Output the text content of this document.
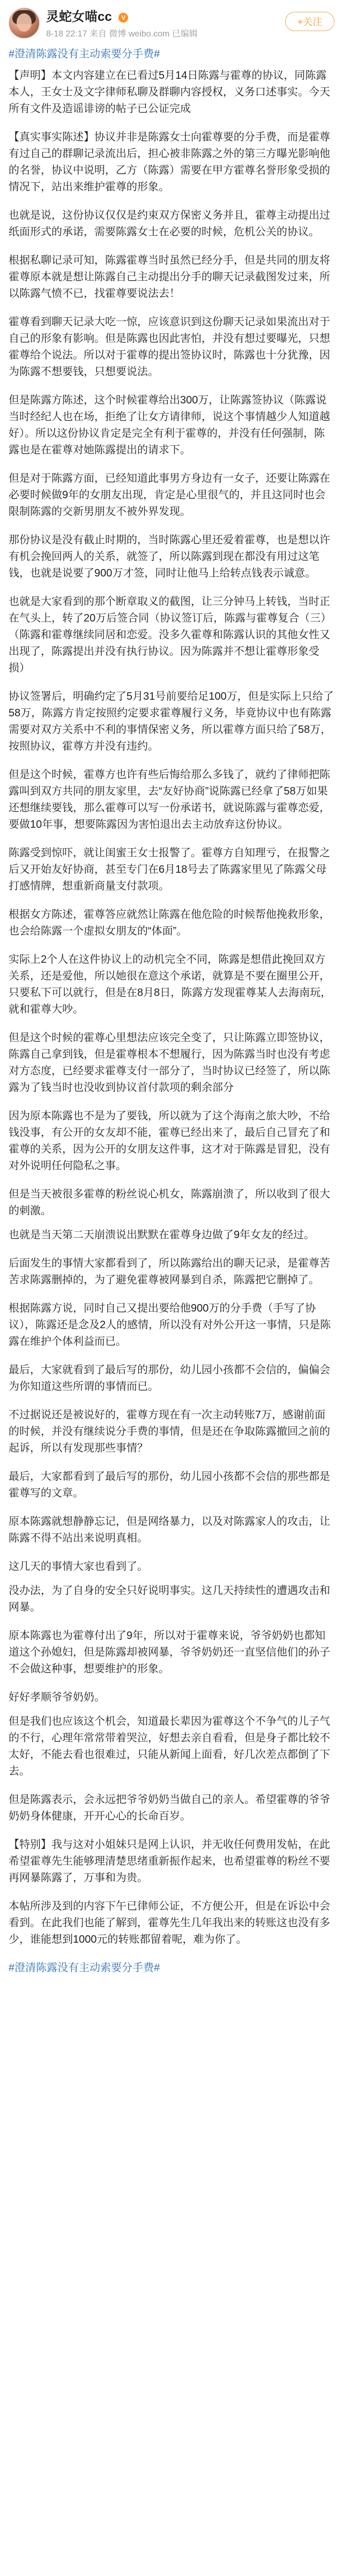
灵蛇女喵cc V
8-18 22:17 来自 微博 weibo.com 已编辑
+关注
#澄清陈露没有主动索要分手费#
【声明】本文内容建立在已看过5月14日陈露与霍尊的协议，同陈露本人，王女士及文字律师私聊及群聊内容授权，义务口述事实。今天所有文件及造谣诽谤的帖子已公证完成
【真实事实陈述】协议并非是陈露女士向霍尊要的分手费，而是霍尊有过自己的群聊记录流出后，担心被非陈露之外的第三方曝光影响他的名誉，协议中说明，乙方（陈露）需要在甲方霍尊名誉形象受损的情况下，站出来维护霍尊的形象。
也就是说，这份协议仅仅是约束双方保密义务并且，霍尊主动提出过纸面形式的承诺，需要陈露女士在必要的时候，危机公关的协议。
根据私聊记录可知，陈露霍尊当时虽然已经分手，但是共同的朋友将霍尊原本就是想让陈露自己主动提出分手的聊天记录截图发过来，所以陈露气愤不已，找霍尊要说法去！
霍尊看到聊天记录大吃一惊，应该意识到这份聊天记录如果流出对于自己的形象有影响。但是陈露也因此害怕，并没有想过要曝光，只想霍尊给个说法。所以对于霍尊的提出签协议时，陈露也十分犹豫，因为陈露不想要钱，只想要说法。
但是陈露方陈述，这个时候霍尊给出300万，让陈露签协议（陈露说当时经纪人也在场，拒绝了让女方请律师，说这个事情越少人知道越好）。所以这份协议肯定是完全有利于霍尊的，并没有任何强制，陈露也是在霍尊对她陈露提出的请求下。
但是对于陈露方面，已经知道此事男方身边有一女子，还要让陈露在必要时候做9年的女朋友出现，肯定是心里很气的，并且这同时也会限制陈露的交新男朋友不被外界发现。
那份协议是没有截止时期的，当时陈露心里还爱着霍尊，也是想以许有机会挽回两人的关系，就签了，所以陈露到现在都没有用过这笔钱，也就是说要了900万才签，同时让他马上给转点钱表示诚意。
也就是大家看到的那个断章取义的截图，让三分钟马上转钱，当时正在气头上，转了20万后签合同（协议签订后，陈露与霍尊复合（三）（陈露和霍尊继续同居和恋爱。没多久霍尊和陈露认识的其他女性又出现了，陈露提出并没有执行协议。因为陈露并不想让霍尊形象受损）
协议签署后，明确约定了5月31号前要给足100万，但是实际上只给了58万，陈露方肯定按照约定要求霍尊履行义务，毕竟协议中也有陈露需要对双方关系中不利的事情保密义务，所以霍尊方面只给了58万，按照协议，霍尊方并没有违约。
但是这个时候，霍尊方也许有些后悔给那么多钱了，就约了律师把陈露叫到双方共同的朋友家里，去“友好协商”说陈露已经拿了58万如果还想继续要钱，那么霍尊可以写一份承诺书，就说陈露与霍尊恋爱，要做10年事，想要陈露因为害怕退出去主动放弃这份协议。
陈露受到惊吓，就让闺蜜王女士报警了。霍尊方自知理亏，在报警之后又开始友好协商，甚至专门在6月18号去了陈露家里见了陈露父母打感情牌，想重新商量支付款项。
根据女方陈述，霍尊答应就然让陈露在他危险的时候帮他挽救形象，也会给陈露一个虚拟女朋友的“体面”。
实际上2个人在这件协议上的动机完全不同，陈露是想借此挽回双方关系，还是爱他，所以她很在意这个承诺，就算是不要在圈里公开，只要私下可以就行，但是在8月8日，陈露方发现霍尊某人去海南玩，就和霍尊大吵。
但是这个时候的霍尊心里想法应该完全变了，只让陈露立即签协议，陈露自己拿到钱，但是霍尊根本不想履行，因为陈露当时也没有考虑对方态度，已经要求霍尊支付一部分了，当时协议已经签了，所以陈露为了钱当时也没收到协议首付款项的剩余部分
因为原本陈露也不是为了要钱，所以就为了这个海南之旅大吵，不给钱没事，有公开的女友却不能，霍尊已经出来了，最后自己冒充了和霍尊的关系，因为公开的女朋友这件事，这才对于陈露是冒犯，没有对外说明任何隐私之事。
但是当天被很多霍尊的粉丝说心机女，陈露崩溃了，所以收到了很大的刺激。
也就是当天第二天崩溃说出默默在霍尊身边做了9年女友的经过。
后面发生的事情大家都看到了，所以陈露给出的聊天记录，是霍尊苦苦求陈露删掉的，为了避免霍尊被网暴到自杀，陈露把它删掉了。
根据陈露方说，同时自己又提出要给他900万的分手费（手写了协议），陈露还是念及2人的感情，所以没有对外公开这一事情，只是陈露在维护个体利益而已。
最后，大家就看到了最后写的那份，幼儿园小孩都不会信的，偏偏会为你知道这些所谓的事情而已。
不过据说还是被说好的，霍尊方现在有一次主动转账7万，感谢前面的时候，并没有继续说分手费的事情，但是还在争取陈露撤回之前的起诉，所以有发现那些事情？
最后，大家都看到了最后写的那份，幼儿园小孩都不会信的那些都是霍尊写的文章。
原本陈露就想静静忘记，但是网络暴力，以及对陈露家人的攻击，让陈露不得不站出来说明真相。
这几天的事情大家也看到了。
没办法，为了自身的安全只好说明事实。这几天持续性的遭遇攻击和网暴。
原本陈露也为霍尊付出了9年，所以对于霍尊来说，爷爷奶奶也都知道这个孙媳妇，但是陈露却被网暴，爷爷奶奶还一直坚信他们的孙子不会做这种事，想要维护的形象。
好好孝顺爷爷奶奶。
但是我们也应该这个机会，知道最长辈因为霍尊这个不争气的儿子气的不行，心理年常常带着哭泣，好想去亲自看看，但是身子都比较不太好，不能去看也很难过，只能从新闻上面看，好几次差点都倒了下去。
但是陈露表示，会永远把爷爷奶奶当做自己的亲人。希望霍尊的爷爷奶奶身体健康，开开心心的长命百岁。
【特别】我与这对小姐妹只是网上认识，并无收任何费用发帖，在此希望霍尊先生能够理清楚思绪重新振作起来，也希望霍尊的粉丝不要再网暴陈露了，万事和为贵。
本帖所涉及到的内容下午已律师公证，不方便公开，但是在诉讼中会看到。在此我们也能了解到，霍尊先生几年我出来的转账这也没有多少，谁能想到1000元的转账都留着呢，难为你了。
#澄清陈露没有主动索要分手费#
